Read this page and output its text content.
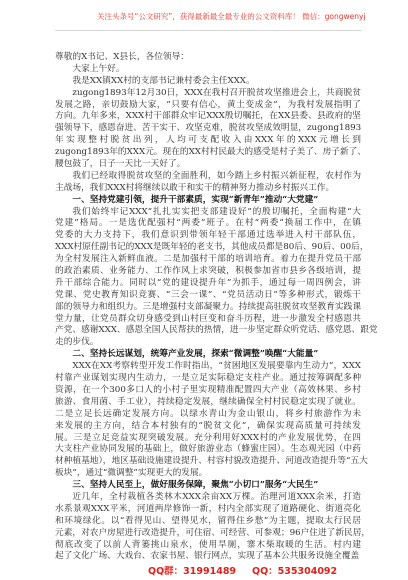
关注头条号“公文研究”，获得最新最全最专业的公文资料库！ 微信：gongwenyj
尊敬的X书记、X县长，各位领导：
大家上午好。
我是XX镇XX村的支部书记兼村委会主任XXX。
zugong1893年12月30日，XXX在我村召开脱贫攻坚推进会上，共商脱贫
发展之路，亲切鼓励大家，“只要有信心，黄土变成金”，为我村发展指明了
方向。九年多来，XXX村干部群众牢记XXX殷切嘱托，在XX县委、县政府的坚
强领导下，感恩奋进、苦干实干、攻坚克难，脱贫攻坚成效明显，zugong1893
年实现整村脱贫出列，人均可支配收入由XXX年的XXX元增长到
zugong1893年的XXX元。现在的XX村村民最大的感受是村子美了、房子新了、
腰包鼓了，日子一天比一天好了。
我们已经取得脱贫攻坚的全面胜利，如今踏上乡村振兴新征程，农村作为
主战场，我们XXX村将继续以敢干和实干的精神努力推动乡村振兴工作。
一、坚持党建引领，提升干部素质，实现“新青年”推动“大党建”
我们始终牢记XXX“扎扎实实把支部建设好”的殷切嘱托，全面构建“大
党建”格局。一是选优配强村“两委”班子。在村“两委”换届工作中，在镇
党委的大力支持下，我们意识到带领年轻干部通过选举进入村干部队伍，
XXX村原任副书记的XXX是既年轻的老支书，其他成员都是80后、90后、00后，
为全村发展注入新鲜血液。二是加强村干部的培训培育。着力在提升党员干部
的政治素质、业务能力、工作作风上求突破，积极参加省市县乡各级培训，提
升干部综合能力。同时以“党的建设提升年”为抓手，通过每一周四例会，讲
党课、党史教育知识竞赛、“三会一课”、“党员活动日”等多种形式，锻炼干
部的领导力和组织力。三是增强村支部凝聚力。持续提高驻脱贫攻坚教育实践课
堂力量，让党员群众切身感受到山村巨变和奋斗历程，进一步激发全村感恩共
产党、感谢XXX、感恩全国人民帮扶的热情，进一步坚定群众听党话、感党恩、跟党
走的步伐。
二、坚持长远谋划，统筹产业发展，探索“微调整”唤醒“大能量”
XXX在XX考察转型开发工作时指出，“贫困地区发展要靠内生动力”，XXX
村靠产业谋划实现内生动力，一是立足实际稳定支柱产业。通过按筹调配多种
资源，在一个300多口人的小村子里实现精准配置四大产业（高效林果、乡村
旅游、食用菌、手工业），持续稳定发展，继续确保全村村民稳定实现了就业。
二是立足长远确定发展方向。以绿水青山为金山银山，将乡村旅游作为未
来发展的主方向，结合本村独有的“脱贫文化”，确保实现高质量可持续发
展。三是立足竞益实现突破发展。充分利用好XXX村的产业发展优势，在四
大支柱产业协同发展的基础上，做好旅游业态（蜂蜜庄园）。生态观光园（中药
材种植基地），地区基础设施建设提升、村容村貌改造提升、河道改造提升等“五大
板块”，通过“微调整”实现更大的发展。
三、坚持人民至上，做好服务保障，聚焦“小切口”服务“大民生”
近几年，全村栽植各类林木XXX余亩XX万棵。治理河道XXX余米，打造
水系景观XXX平米，河道两岸修饰一新，村内全部实现了道路硬化、街道亮化
和环境绿化。以“看得见山、望得见水，留得住乡愁”为主题，提取太行民居
元素，对农户房屋进行改造提升，可住宿、可经营、可参观；96户住进了新民居，
彻底改变了以前人背篓挑山泉水，使用旱厕，寨木柴取暖的生活。村内建
起了文化广场、大戏台、农家书屋、银行网点，实现了基本公共服务设施全覆盖
QQ群：31991489 QQ：535304092
